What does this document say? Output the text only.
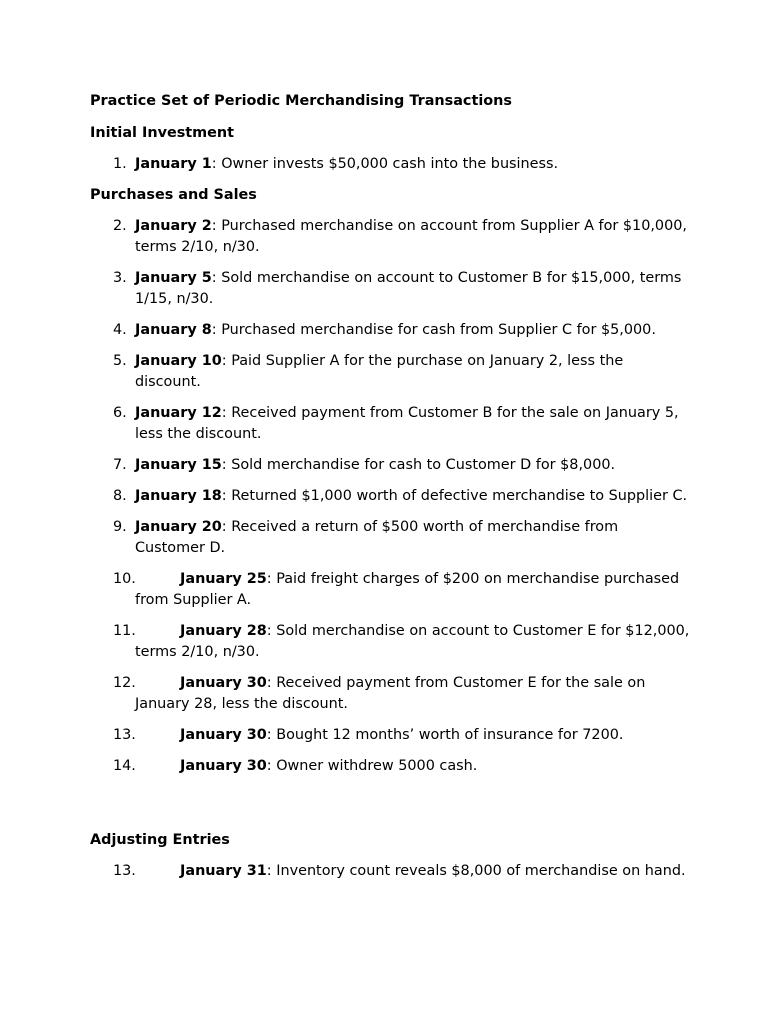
Practice Set of Periodic Merchandising Transactions
Initial Investment
1. January 1: Owner invests $50,000 cash into the business.
Purchases and Sales
2. January 2: Purchased merchandise on account from Supplier A for $10,000, terms 2/10, n/30.
3. January 5: Sold merchandise on account to Customer B for $15,000, terms 1/15, n/30.
4. January 8: Purchased merchandise for cash from Supplier C for $5,000.
5. January 10: Paid Supplier A for the purchase on January 2, less the discount.
6. January 12: Received payment from Customer B for the sale on January 5, less the discount.
7. January 15: Sold merchandise for cash to Customer D for $8,000.
8. January 18: Returned $1,000 worth of defective merchandise to Supplier C.
9. January 20: Received a return of $500 worth of merchandise from Customer D.
10.	January 25: Paid freight charges of $200 on merchandise purchased from Supplier A.
11.	January 28: Sold merchandise on account to Customer E for $12,000, terms 2/10, n/30.
12.	January 30: Received payment from Customer E for the sale on January 28, less the discount.
13.	January 30: Bought 12 months’ worth of insurance for 7200.
14.	January 30: Owner withdrew 5000 cash.
Adjusting Entries
13.	January 31: Inventory count reveals $8,000 of merchandise on hand.
